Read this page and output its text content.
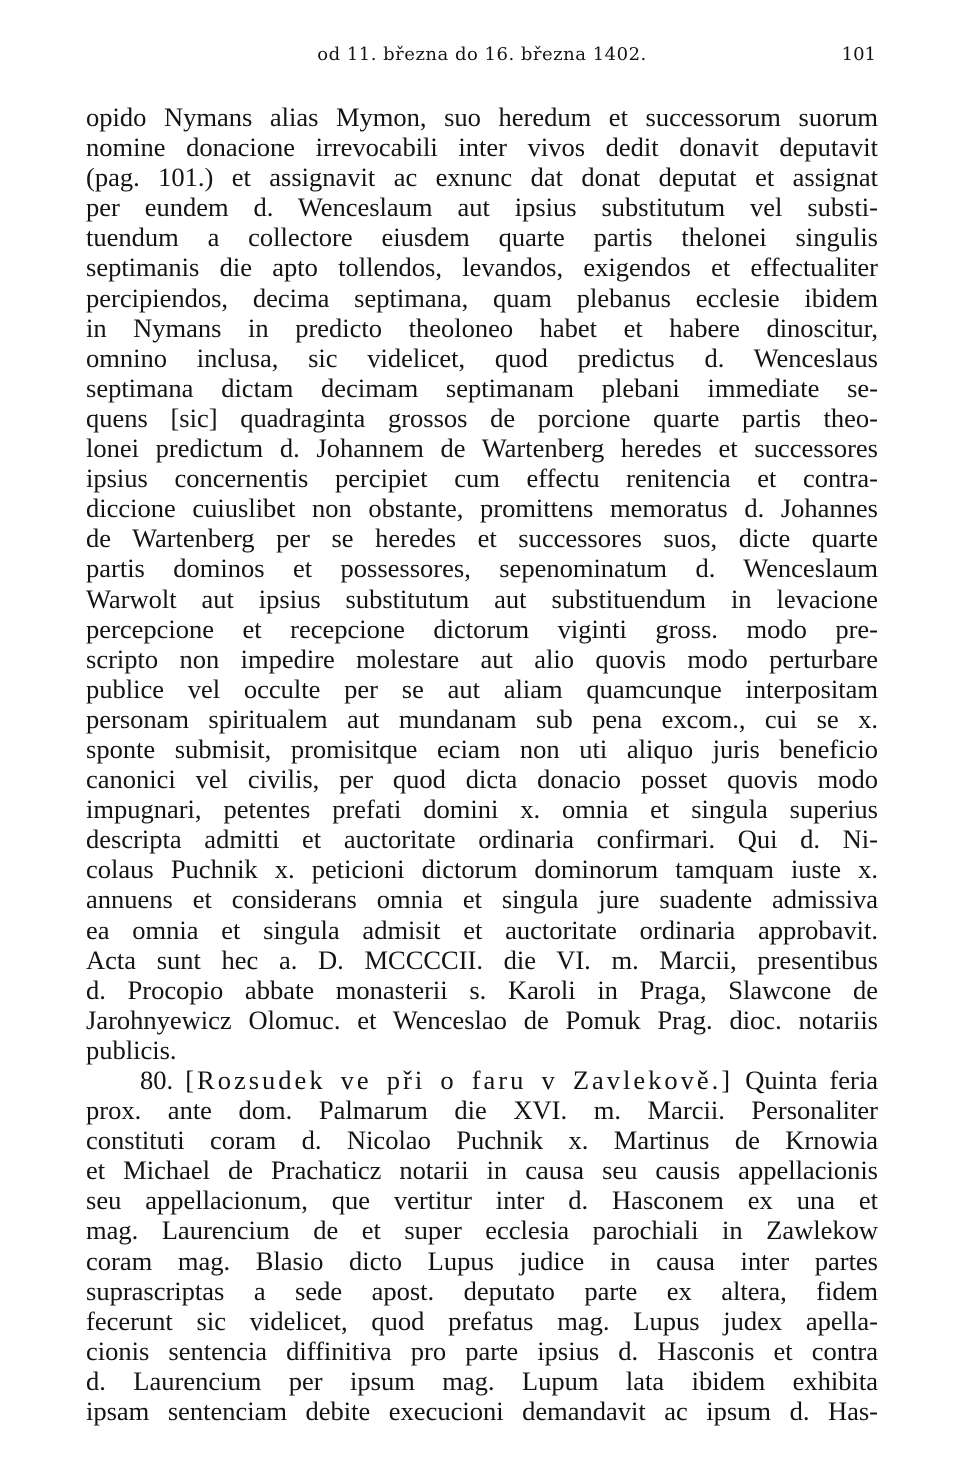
od 11. března do 16. března 1402.	101
opido Nymans alias Mymon, suo heredum et successorum suorum
nomine donacione irrevocabili inter vivos dedit donavit deputavit
(pag. 101.) et assignavit ac exnunc dat donat deputat et assignat
per eundem d. Wenceslaum aut ipsius substitutum vel substi-
tuendum a collectore eiusdem quarte partis thelonei singulis
septimanis die apto tollendos, levandos, exigendos et effectualiter
percipiendos, decima septimana, quam plebanus ecclesie ibidem
in Nymans in predicto theoloneo habet et habere dinoscitur,
omnino inclusa, sic videlicet, quod predictus d. Wenceslaus
septimana dictam decimam septimanam plebani immediate se-
quens [sic] quadraginta grossos de porcione quarte partis theo-
lonei predictum d. Johannem de Wartenberg heredes et successores
ipsius concernentis percipiet cum effectu renitencia et contra-
diccione cuiuslibet non obstante, promittens memoratus d. Johannes
de Wartenberg per se heredes et successores suos, dicte quarte
partis dominos et possessores, sepenominatum d. Wenceslaum
Warwolt aut ipsius substitutum aut substituendum in levacione
percepcione et recepcione dictorum viginti gross. modo pre-
scripto non impedire molestare aut alio quovis modo perturbare
publice vel occulte per se aut aliam quamcunque interpositam
personam spiritualem aut mundanam sub pena excom., cui se x.
sponte submisit, promisitque eciam non uti aliquo juris beneficio
canonici vel civilis, per quod dicta donacio posset quovis modo
impugnari, petentes prefati domini x. omnia et singula superius
descripta admitti et auctoritate ordinaria confirmari. Qui d. Ni-
colaus Puchnik x. peticioni dictorum dominorum tamquam iuste x.
annuens et considerans omnia et singula jure suadente admissiva
ea omnia et singula admisit et auctoritate ordinaria approbavit.
Acta sunt hec a. D. MCCCCII. die VI. m. Marcii, presentibus
d. Procopio abbate monasterii s. Karoli in Praga, Slawcone de
Jarohnyewicz Olomuc. et Wenceslao de Pomuk Prag. dioc. notariis
publicis.
80. [Rozsudek ve při o faru v Zavlekově.] Quinta feria
prox. ante dom. Palmarum die XVI. m. Marcii. Personaliter
constituti coram d. Nicolao Puchnik x. Martinus de Krnowia
et Michael de Prachaticz notarii in causa seu causis appellacionis
seu appellacionum, que vertitur inter d. Hasconem ex una et
mag. Laurencium de et super ecclesia parochiali in Zawlekow
coram mag. Blasio dicto Lupus judice in causa inter partes
suprascriptas a sede apost. deputato parte ex altera, fidem
fecerunt sic videlicet, quod prefatus mag. Lupus judex apella-
cionis sentencia diffinitiva pro parte ipsius d. Hasconis et contra
d. Laurencium per ipsum mag. Lupum lata ibidem exhibita
ipsam sentenciam debite execucioni demandavit ac ipsum d. Has-
